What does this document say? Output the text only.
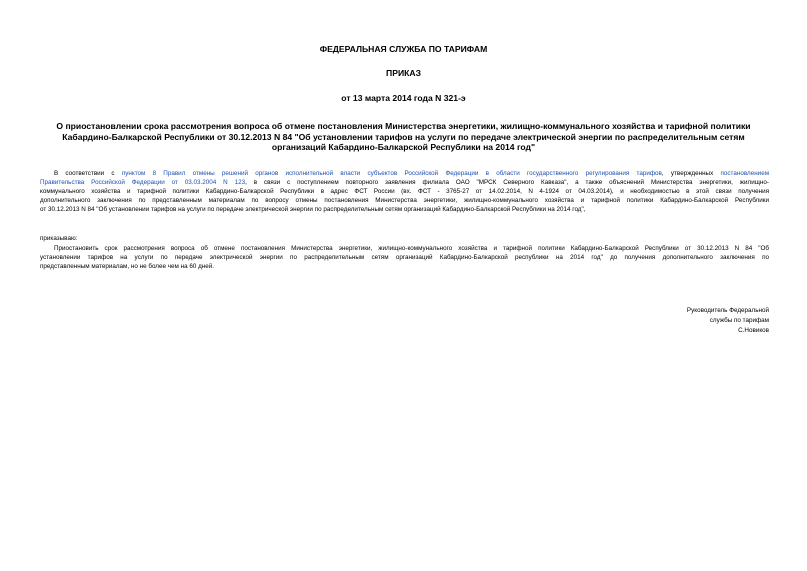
ФЕДЕРАЛЬНАЯ СЛУЖБА ПО ТАРИФАМ
ПРИКАЗ
от 13 марта 2014 года N 321-э
О приостановлении срока рассмотрения вопроса об отмене постановления Министерства энергетики, жилищно-коммунального хозяйства и тарифной политики
Кабардино-Балкарской Республики от 30.12.2013 N 84 "Об установлении тарифов на услуги по передаче электрической энергии по распределительным сетям
организаций Кабардино-Балкарской Республики на 2014 год"
В соответствии с пунктом 8 Правил отмены решений органов исполнительной власти субъектов Российской Федерации в области государственного регулирования тарифов, утвержденных постановлением
Правительства Российской Федерации от 03.03.2004 N 123, в связи с поступлением повторного заявления филиала ОАО "МРСК Северного Кавказа", а также объяснений Министерства энергетики, жилищно-
коммунального хозяйства и тарифной политики Кабардино-Балкарской Республики в адрес ФСТ России (вх. ФСТ - 3765-27 от 14.02.2014, N 4-1924 от 04.03.2014), и необходимостью в этой связи получения
дополнительного заключения по представленным материалам по вопросу отмены постановления Министерства энергетики, жилищно-коммунального хозяйства и тарифной политики Кабардино-Балкарской Республики
от 30.12.2013 N 84 "Об установлении тарифов на услуги по передаче электрической энергии по распределительным сетям организаций Кабардино-Балкарской Республики на 2014 год",
приказываю:
Приостановить срок рассмотрения вопроса об отмене постановления Министерства энергетики, жилищно-коммунального хозяйства и тарифной политики Кабардино-Балкарской Республики от 30.12.2013 N 84 "Об
установлении тарифов на услуги по передаче электрической энергии по распределительным сетям организаций Кабардино-Балкарской республики на 2014 год" до получения дополнительного заключения по
представленным материалам, но не более чем на 60 дней.
Руководитель Федеральной
службы по тарифам
С.Новиков
